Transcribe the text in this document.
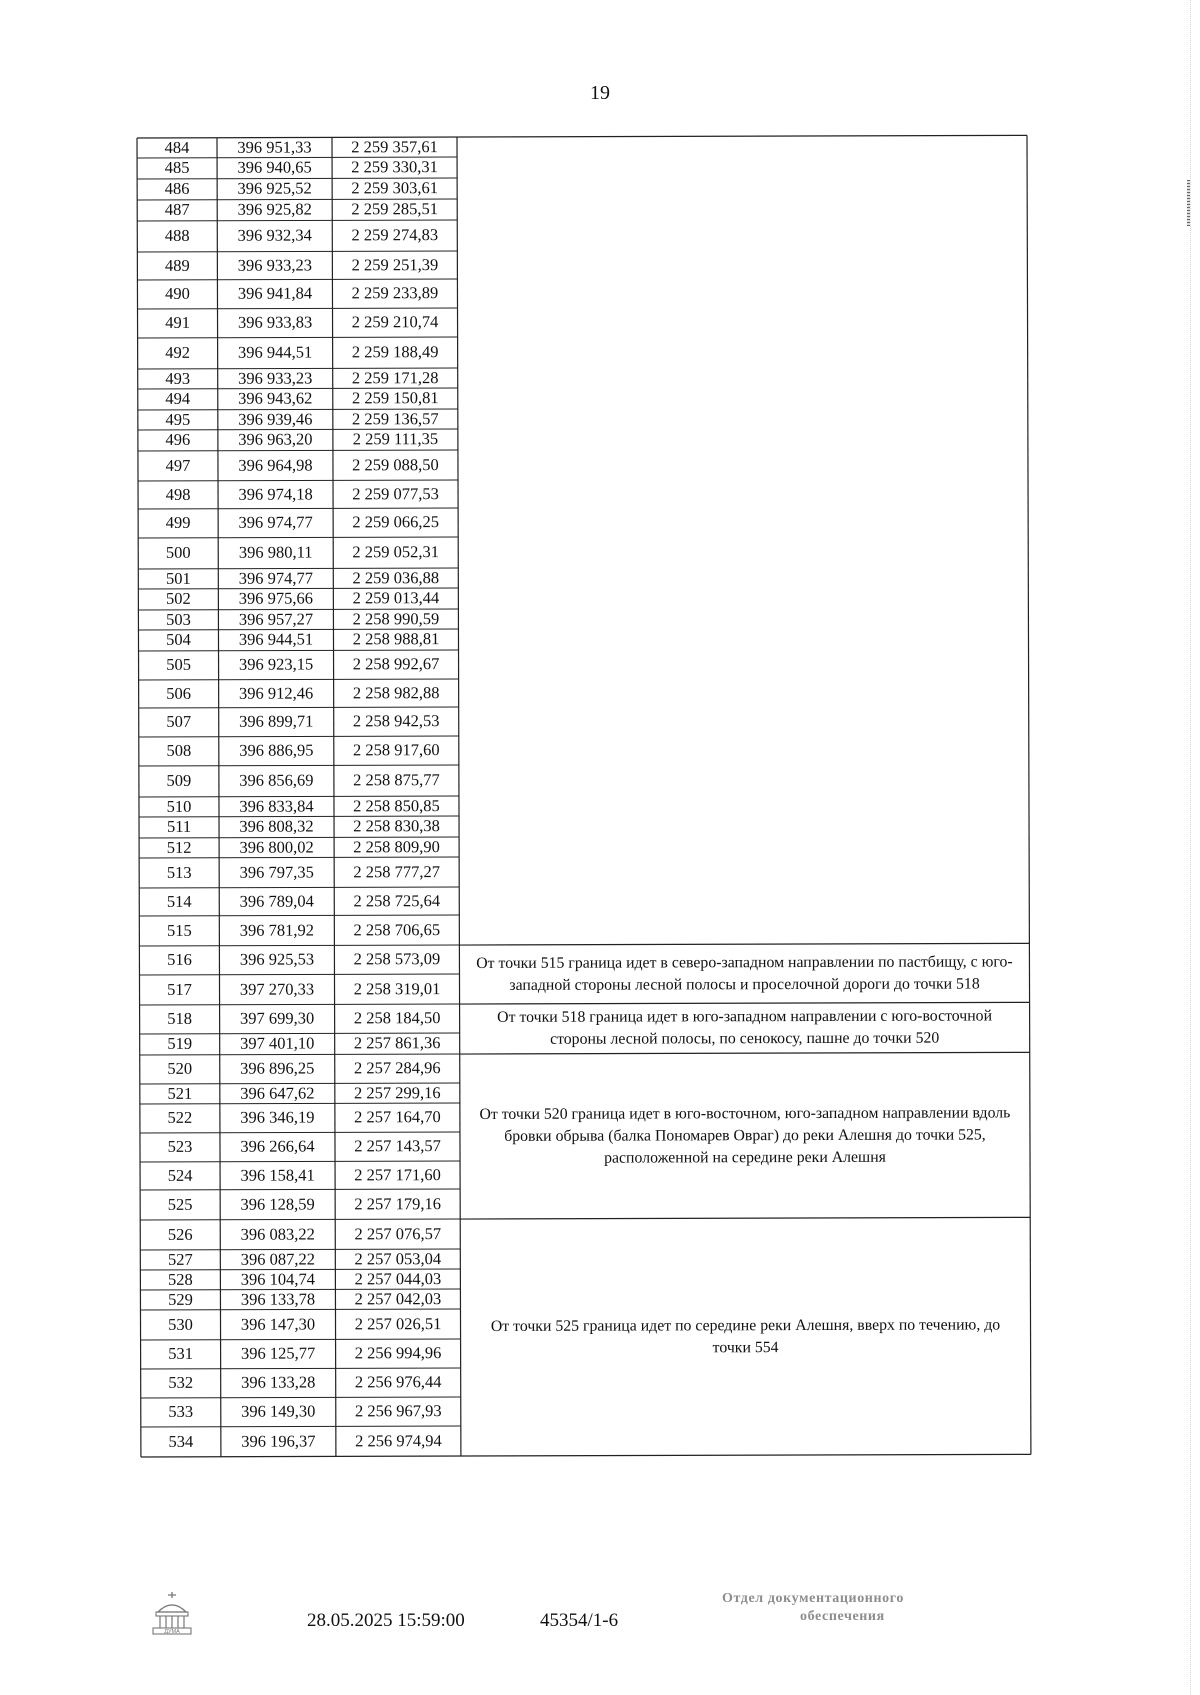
19
484	396 951,33	2 259 357,61
485	396 940,65	2 259 330,31
486	396 925,52	2 259 303,61
487	396 925,82	2 259 285,51
488	396 932,34	2 259 274,83
489	396 933,23	2 259 251,39
490	396 941,84	2 259 233,89
491	396 933,83	2 259 210,74
492	396 944,51	2 259 188,49
493	396 933,23	2 259 171,28
494	396 943,62	2 259 150,81
495	396 939,46	2 259 136,57
496	396 963,20	2 259 111,35
497	396 964,98	2 259 088,50
498	396 974,18	2 259 077,53
499	396 974,77	2 259 066,25
500	396 980,11	2 259 052,31
501	396 974,77	2 259 036,88
502	396 975,66	2 259 013,44
503	396 957,27	2 258 990,59
504	396 944,51	2 258 988,81
505	396 923,15	2 258 992,67
506	396 912,46	2 258 982,88
507	396 899,71	2 258 942,53
508	396 886,95	2 258 917,60
509	396 856,69	2 258 875,77
510	396 833,84	2 258 850,85
511	396 808,32	2 258 830,38
512	396 800,02	2 258 809,90
513	396 797,35	2 258 777,27
514	396 789,04	2 258 725,64
515	396 781,92	2 258 706,65
516	396 925,53	2 258 573,09
517	397 270,33	2 258 319,01
518	397 699,30	2 258 184,50
519	397 401,10	2 257 861,36
520	396 896,25	2 257 284,96
521	396 647,62	2 257 299,16
522	396 346,19	2 257 164,70
523	396 266,64	2 257 143,57
524	396 158,41	2 257 171,60
525	396 128,59	2 257 179,16
526	396 083,22	2 257 076,57
527	396 087,22	2 257 053,04
528	396 104,74	2 257 044,03
529	396 133,78	2 257 042,03
530	396 147,30	2 257 026,51
531	396 125,77	2 256 994,96
532	396 133,28	2 256 976,44
533	396 149,30	2 256 967,93
534	396 196,37	2 256 974,94
От точки 515 граница идет в северо-западном направлении по пастбищу, с юго-западной стороны лесной полосы и проселочной дороги до точки 518
От точки 518 граница идет в юго-западном направлении с юго-восточной стороны лесной полосы, по сенокосу, пашне до точки 520
От точки 520 граница идет в юго-восточном, юго-западном направлении вдоль бровки обрыва (балка Пономарев Овраг) до реки Алешня до точки 525, расположенной на середине реки Алешня
От точки 525 граница идет по середине реки Алешня, вверх по течению, до точки 554
ДУМА
28.05.2025 15:59:00	45354/1-6
Отдел документационного
обеспечения
